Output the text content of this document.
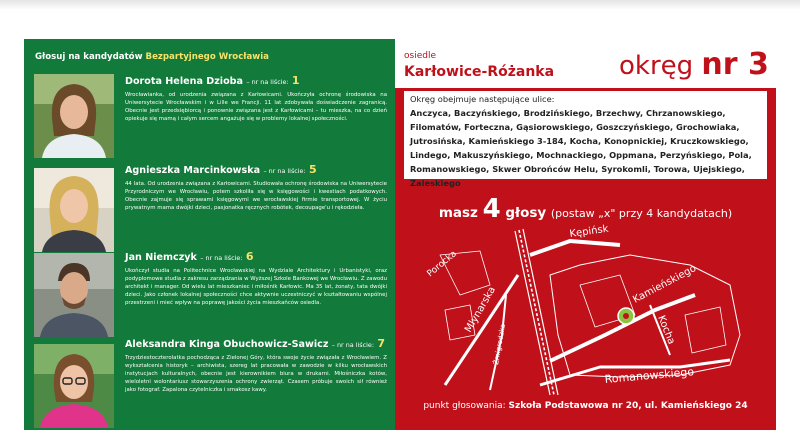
Głosuj na kandydatów Bezpartyjnego Wrocławia
Dorota Helena Dzioba – nr na liście: 1
Wrocławianka, od urodzenia związana z Karłowicami. Ukończyła ochronę środowiska na Uniwersytecie Wrocławskim i w Lille we Francji. 11 lat zdobywała doświadczenie zagranicą. Obecnie jest przedsiębiorcą i ponownie związana jest z Karłowicami – tu mieszka, na co dzień opiekuje się mamą i całym sercem angażuje się w problemy lokalnej społeczności.
Agnieszka Marcinkowska – nr na liście: 5
44 lata. Od urodzenia związana z Karłowicami. Studiowała ochronę środowiska na Uniwersytecie Przyrodniczym we Wrocławiu, potem szkoliła się w księgowości i kwestiach podatkowych. Obecnie zajmuje się sprawami księgowymi we wrocławskiej firmie transportowej. W życiu prywatnym mama dwójki dzieci, pasjonatka ręcznych robótek, decoupage'u i rękodzieła.
Jan Niemczyk – nr na liście: 6
Ukończył studia na Politechnice Wrocławskiej na Wydziale Architektury i Urbanistyki, oraz podyplomowe studia z zakresu zarządzania w Wyższej Szkole Bankowej we Wrocławiu. Z zawodu architekt i manager. Od wielu lat mieszkaniec i miłośnik Karłowic. Ma 35 lat, żonaty, tata dwójki dzieci. Jako członek lokalnej społeczności chce aktywnie uczestniczyć w kształtowaniu wspólnej przestrzeni i mieć wpływ na poprawę jakości życia mieszkańców osiedla.
Aleksandra Kinga Obuchowicz-Sawicz – nr na liście: 7
Trzydziestoczterolatka pochodząca z Zielonej Góry, która swoje życie związała z Wrocławiem. Z wykształcenia historyk – archiwista, szereg lat pracowała w zawodzie w kilku wrocławskich instytucjach kulturalnych, obecnie jest kierownikiem biura w drukarni. Miłośniczka kotów, wieloletni wolontariusz stowarzyszenia ochrony zwierząt. Czasem próbuje swoich sił również jako fotograf. Zapalona czytelniczka i smakosz kawy.
osiedle
Karłowice-Różanka okręg nr 3
Okręg obejmuje następujące ulice:
Anczyca, Baczyńskiego, Brodzińskiego, Brzechwy, Chrzanowskiego, Filomatów, Forteczna, Gąsiorowskiego, Goszczyńskiego, Grochowiaka, Jutrosińska, Kamieńskiego 3-184, Kocha, Konopnickiej, Kruczkowskiego, Lindego, Makuszyńskiego, Mochnackiego, Oppmana, Perzyńskiego, Pola, Romanowskiego, Skwer Obrońców Helu, Syrokomli, Torowa, Ujejskiego, Zaleskiego
masz 4 głosy (postaw „x" przy 4 kandydatach)
Kępińsk
Mlynarska
Żmigrodzka
Kamieńskiego
Kocha
Romanowskiego
Porocka
punkt głosowania: Szkoła Podstawowa nr 20, ul. Kamieńskiego 24
